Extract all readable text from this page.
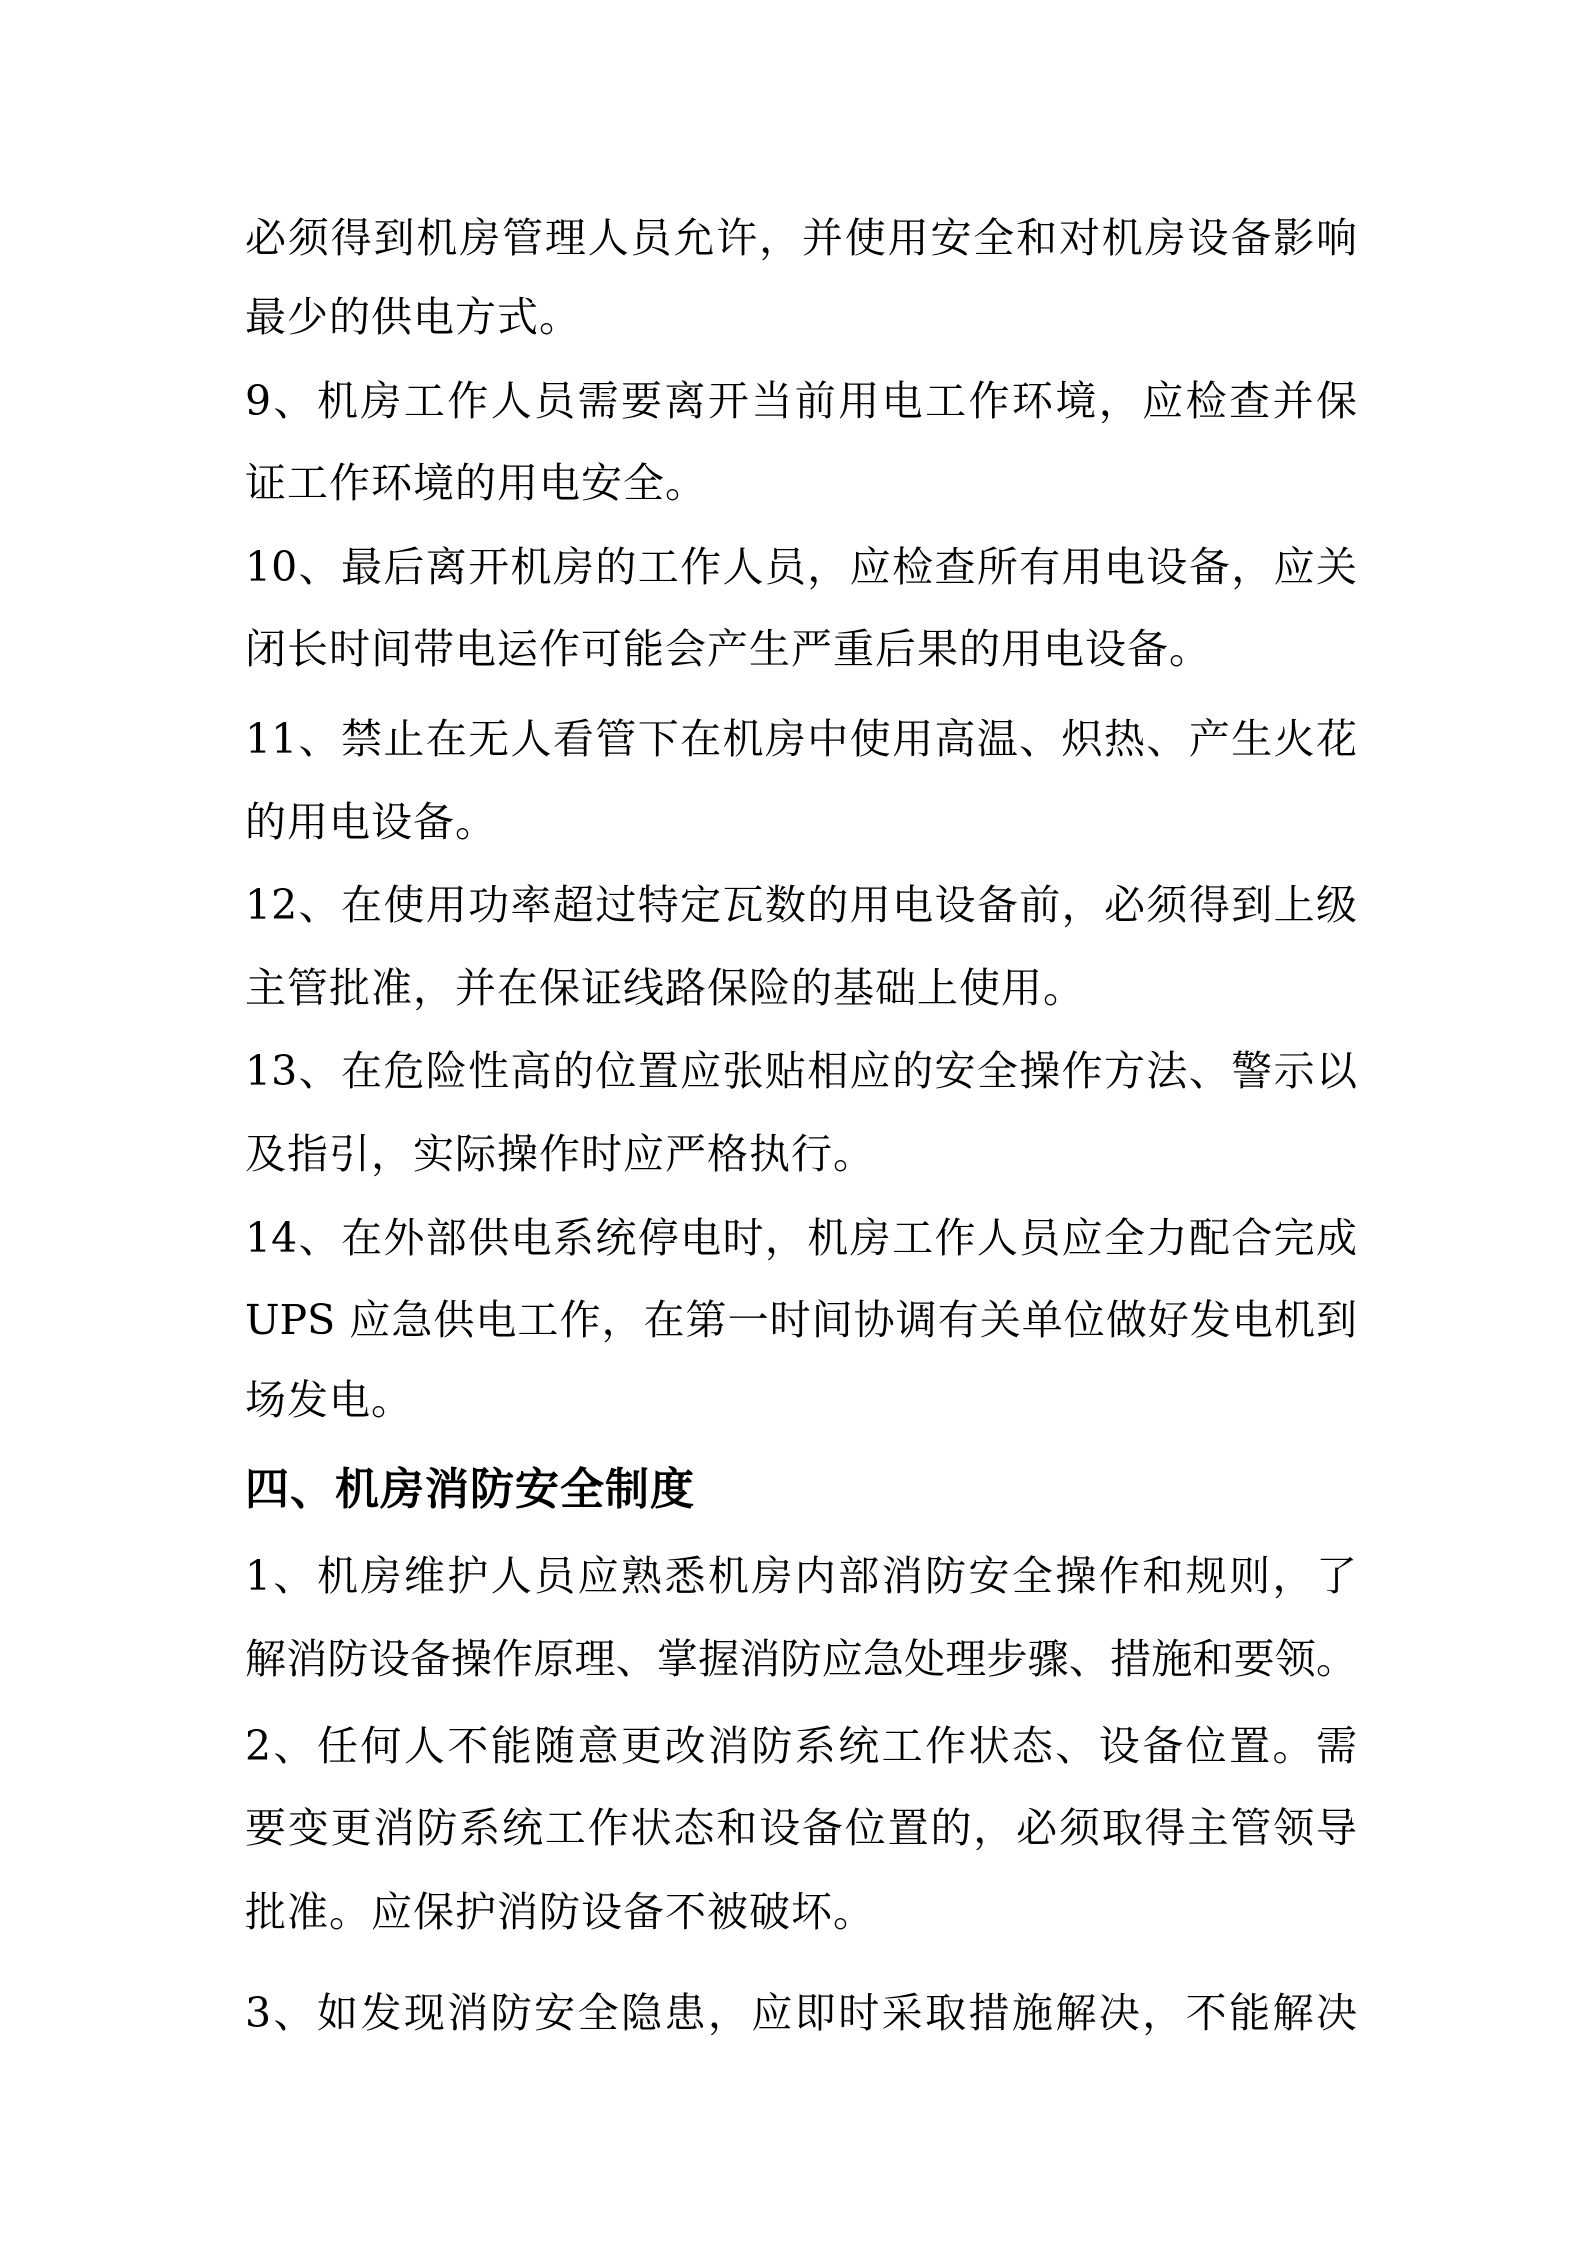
必须得到机房管理人员允许，并使用安全和对机房设备影响
最少的供电方式。
9、机房工作人员需要离开当前用电工作环境，应检查并保
证工作环境的用电安全。
10、最后离开机房的工作人员，应检查所有用电设备，应关
闭长时间带电运作可能会产生严重后果的用电设备。
11、禁止在无人看管下在机房中使用高温、炽热、产生火花
的用电设备。
12、在使用功率超过特定瓦数的用电设备前，必须得到上级
主管批准，并在保证线路保险的基础上使用。
13、在危险性高的位置应张贴相应的安全操作方法、警示以
及指引，实际操作时应严格执行。
14、在外部供电系统停电时，机房工作人员应全力配合完成
UPS 应急供电工作，在第一时间协调有关单位做好发电机到
场发电。
四、机房消防安全制度
1、机房维护人员应熟悉机房内部消防安全操作和规则，了
解消防设备操作原理、掌握消防应急处理步骤、措施和要领。
2、任何人不能随意更改消防系统工作状态、设备位置。需
要变更消防系统工作状态和设备位置的，必须取得主管领导
批准。应保护消防设备不被破坏。
3、如发现消防安全隐患，应即时采取措施解决，不能解决
